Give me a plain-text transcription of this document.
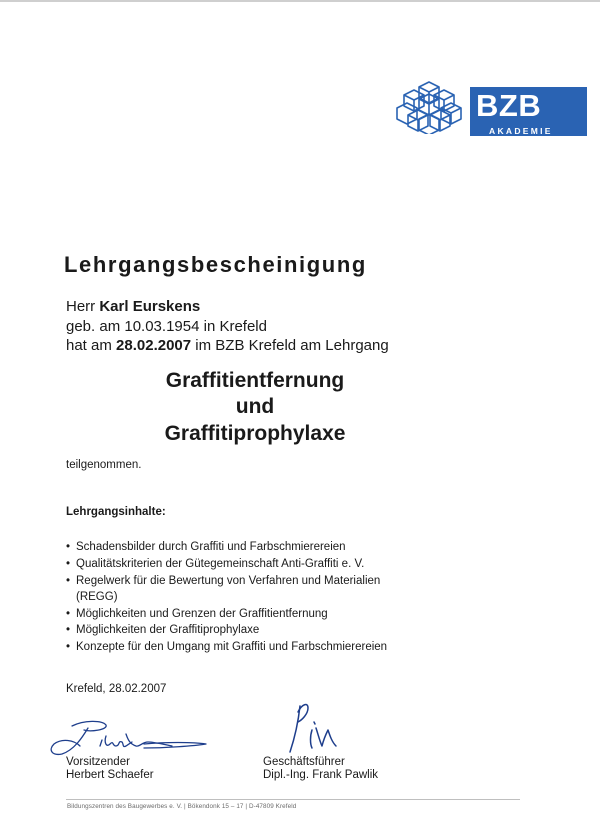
BZB
AKADEMIE
Lehrgangsbescheinigung
Herr Karl Eurskens
geb. am 10.03.1954 in Krefeld
hat am 28.02.2007 im BZB Krefeld am Lehrgang
Graffitientfernung
und
Graffitiprophylaxe
teilgenommen.
Lehrgangsinhalte:
• Schadensbilder durch Graffiti und Farbschmierereien
• Qualitätskriterien der Gütegemeinschaft Anti-Graffiti e. V.
• Regelwerk für die Bewertung von Verfahren und Materialien
(REGG)
• Möglichkeiten und Grenzen der Graffitientfernung
• Möglichkeiten der Graffitiprophylaxe
• Konzepte für den Umgang mit Graffiti und Farbschmierereien
Krefeld, 28.02.2007
Vorsitzender
Herbert Schaefer
Geschäftsführer
Dipl.-Ing. Frank Pawlik
Bildungszentren des Baugewerbes e. V. | Bökendonk 15 – 17 | D-47809 Krefeld
